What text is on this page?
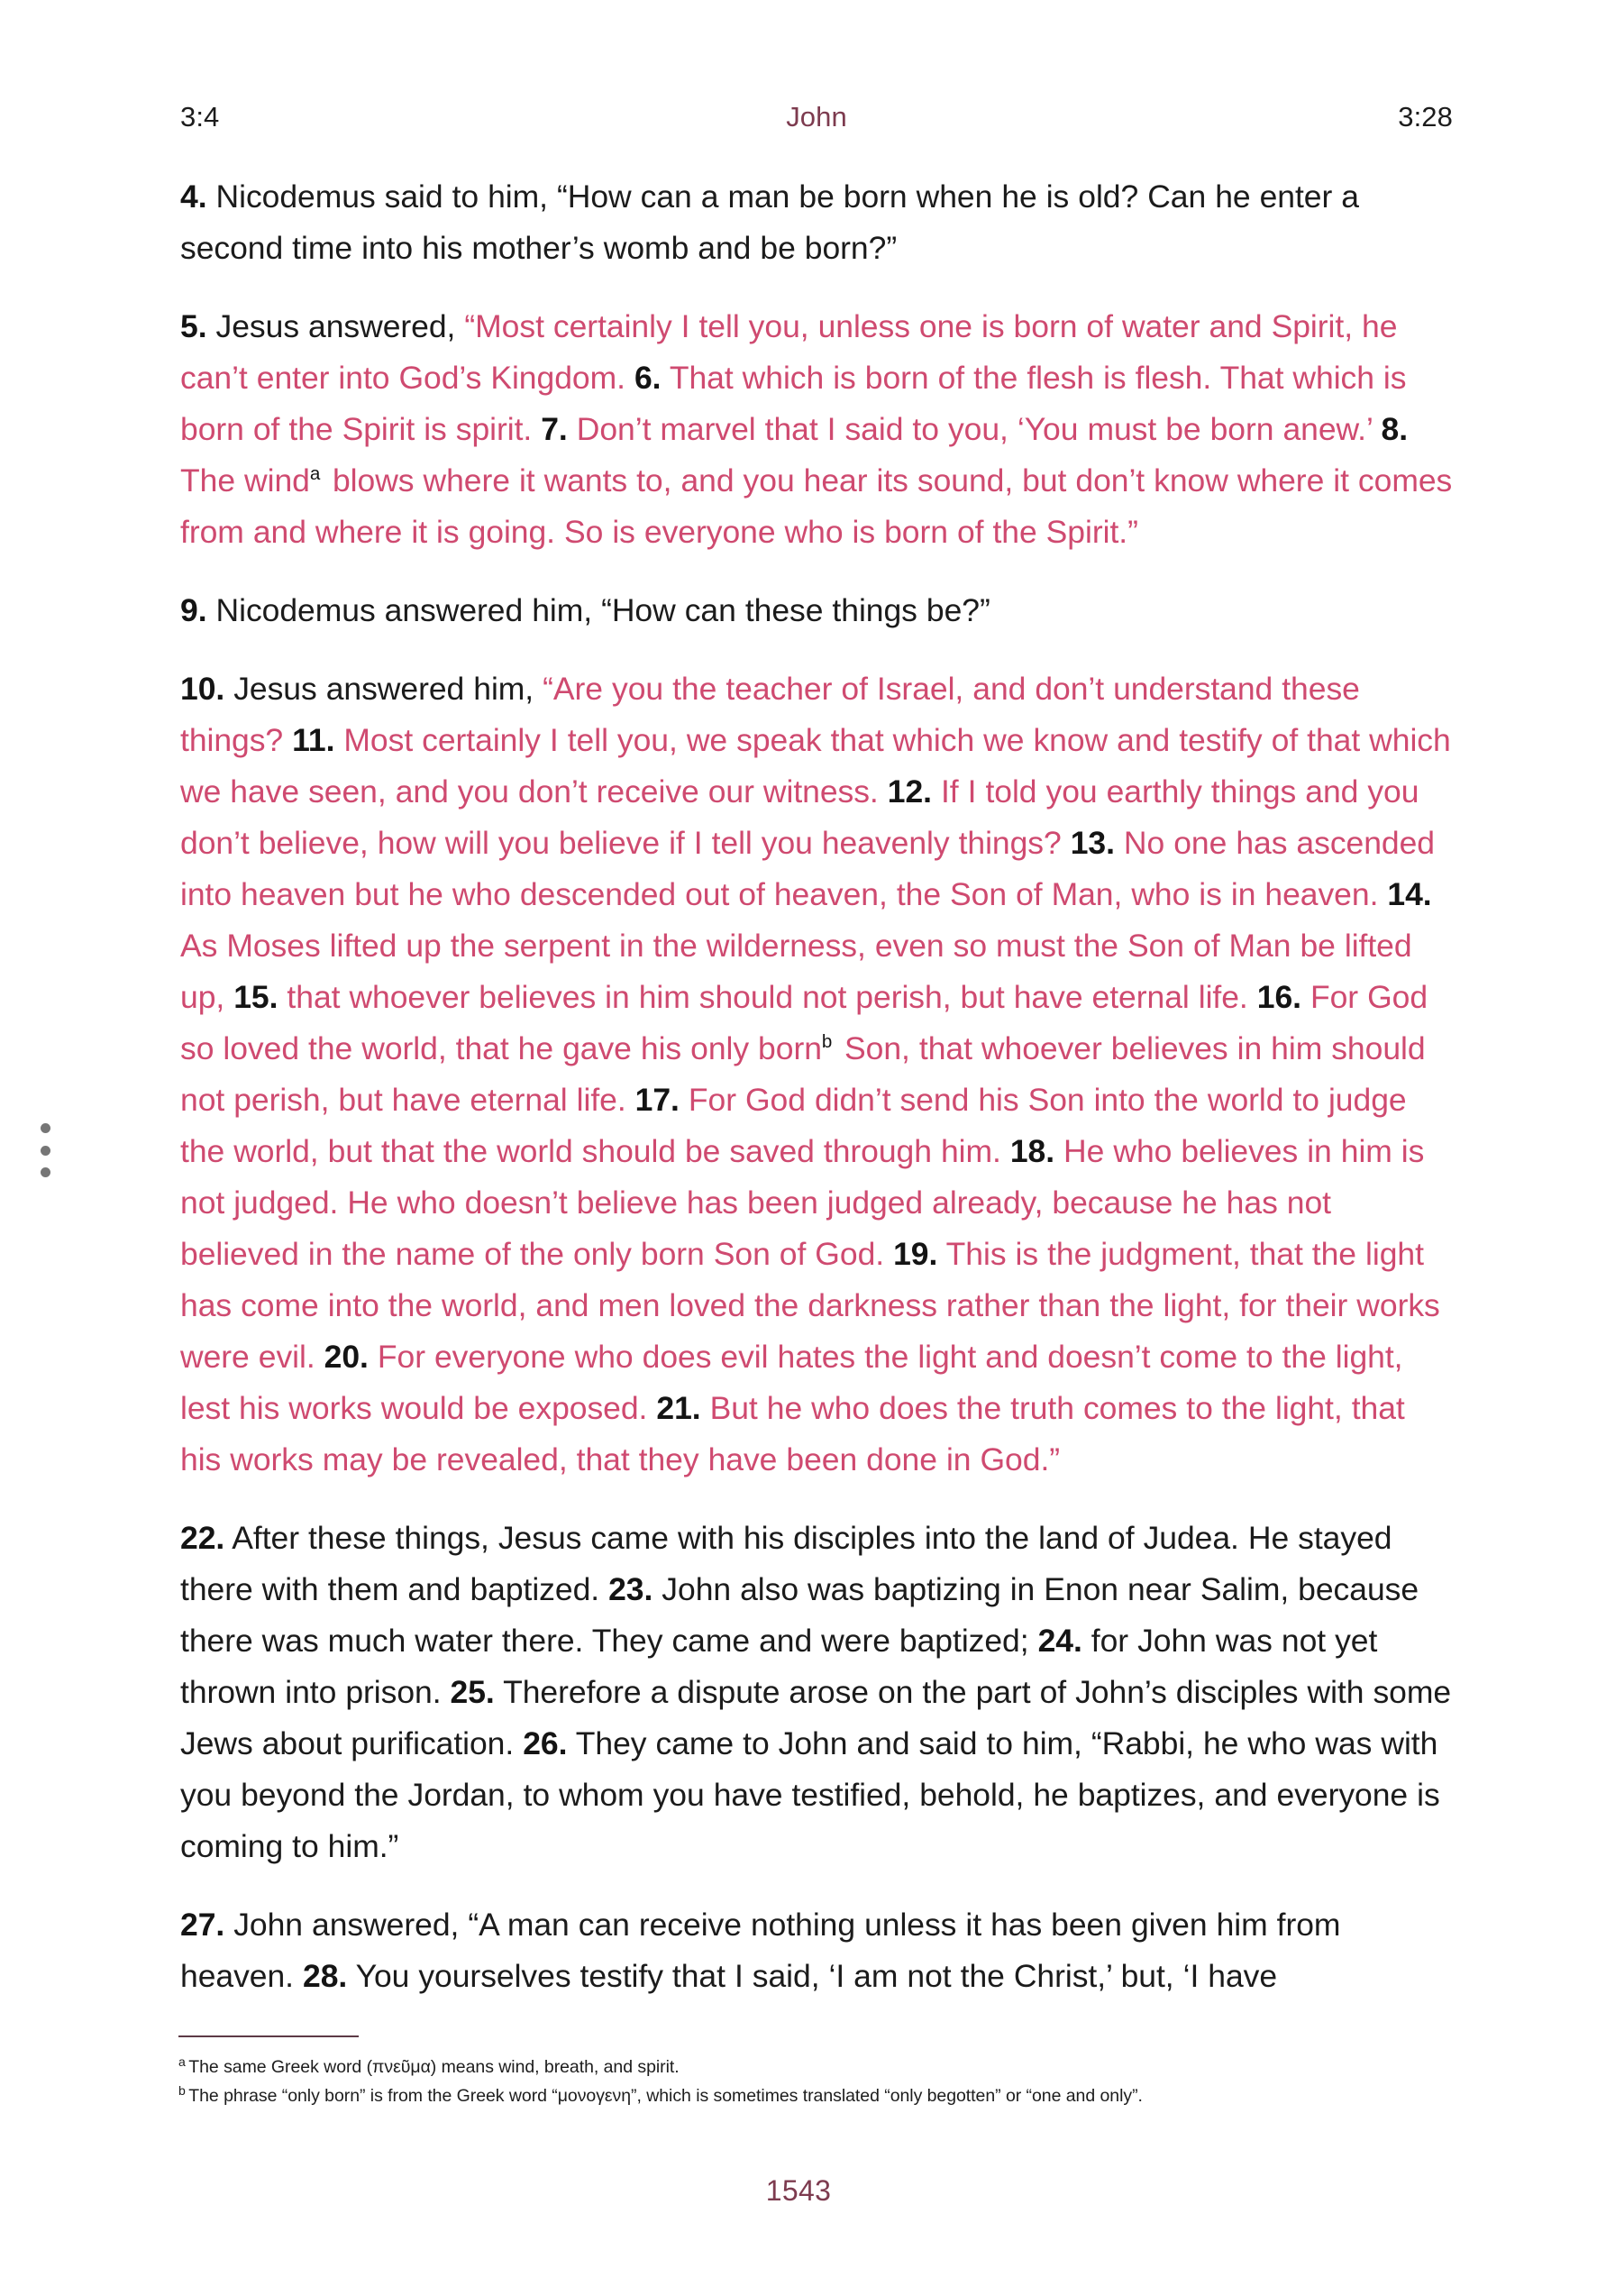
3:4	John	3:28

4. Nicodemus said to him, “How can a man be born when he is old? Can he enter a second time into his mother’s womb and be born?”

5. Jesus answered, “Most certainly I tell you, unless one is born of water and Spirit, he can’t enter into God’s Kingdom. 6. That which is born of the flesh is flesh. That which is born of the Spirit is spirit. 7. Don’t marvel that I said to you, ‘You must be born anew.’ 8. The wind$^a$ blows where it wants to, and you hear its sound, but don’t know where it comes from and where it is going. So is everyone who is born of the Spirit.”

9. Nicodemus answered him, “How can these things be?”

10. Jesus answered him, “Are you the teacher of Israel, and don’t understand these things? 11. Most certainly I tell you, we speak that which we know and testify of that which we have seen, and you don’t receive our witness. 12. If I told you earthly things and you don’t believe, how will you believe if I tell you heavenly things? 13. No one has ascended into heaven but he who descended out of heaven, the Son of Man, who is in heaven. 14. As Moses lifted up the serpent in the wilderness, even so must the Son of Man be lifted up, 15. that whoever believes in him should not perish, but have eternal life. 16. For God so loved the world, that he gave his only born$^b$ Son, that whoever believes in him should not perish, but have eternal life. 17. For God didn’t send his Son into the world to judge the world, but that the world should be saved through him. 18. He who believes in him is not judged. He who doesn’t believe has been judged already, because he has not believed in the name of the only born Son of God. 19. This is the judgment, that the light has come into the world, and men loved the darkness rather than the light, for their works were evil. 20. For everyone who does evil hates the light and doesn’t come to the light, lest his works would be exposed. 21. But he who does the truth comes to the light, that his works may be revealed, that they have been done in God.”

22. After these things, Jesus came with his disciples into the land of Judea. He stayed there with them and baptized. 23. John also was baptizing in Enon near Salim, because there was much water there. They came and were baptized; 24. for John was not yet thrown into prison. 25. Therefore a dispute arose on the part of John’s disciples with some Jews about purification. 26. They came to John and said to him, “Rabbi, he who was with you beyond the Jordan, to whom you have testified, behold, he baptizes, and everyone is coming to him.”

27. John answered, “A man can receive nothing unless it has been given him from heaven. 28. You yourselves testify that I said, ‘I am not the Christ,’ but, ‘I have

$^a$ The same Greek word (πνεῦμα) means wind, breath, and spirit.
$^b$ The phrase “only born” is from the Greek word “μονογενη”, which is sometimes translated “only begotten” or “one and only”.
1543
